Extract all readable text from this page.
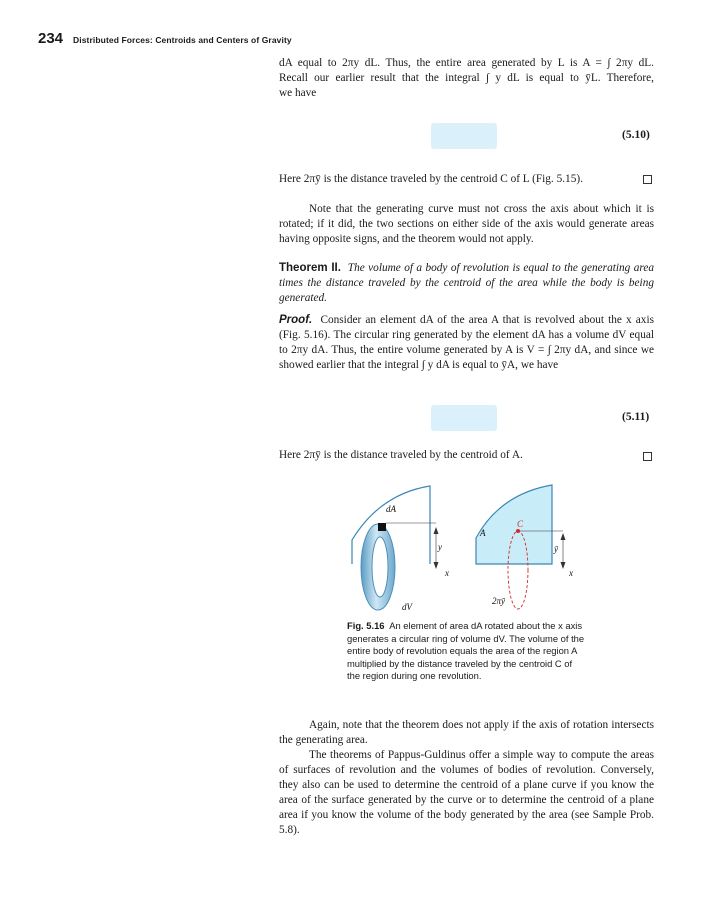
234 Distributed Forces: Centroids and Centers of Gravity
dA equal to 2πy dL. Thus, the entire area generated by L is A = ∫ 2πy dL.
Recall our earlier result that the integral ∫ y dL is equal to ȳL. Therefore,
we have
(5.10)
Here 2πȳ is the distance traveled by the centroid C of L (Fig. 5.15).
Note that the generating curve must not cross the axis about which it is rotated; if it did, the two sections on either side of the axis would generate areas having opposite signs, and the theorem would not apply.
Theorem II. The volume of a body of revolution is equal to the generating area times the distance traveled by the centroid of the area while the body is being generated.
Proof. Consider an element dA of the area A that is revolved about the x axis (Fig. 5.16). The circular ring generated by the element dA has a volume dV equal to 2πy dA. Thus, the entire volume generated by A is V = ∫ 2πy dA, and since we showed earlier that the integral ∫ y dA is equal to ȳA, we have
(5.11)
Here 2πȳ is the distance traveled by the centroid of A.
dA
y
x
dV
A
C
ȳ
x
2πȳ
Fig. 5.16 An element of area dA rotated about the x axis generates a circular ring of volume dV. The volume of the entire body of revolution equals the area of the region A multiplied by the distance traveled by the centroid C of the region during one revolution.
Again, note that the theorem does not apply if the axis of rotation intersects the generating area.
The theorems of Pappus-Guldinus offer a simple way to compute the areas of surfaces of revolution and the volumes of bodies of revolution. Conversely, they also can be used to determine the centroid of a plane curve if you know the area of the surface generated by the curve or to determine the centroid of a plane area if you know the volume of the body generated by the area (see Sample Prob. 5.8).
